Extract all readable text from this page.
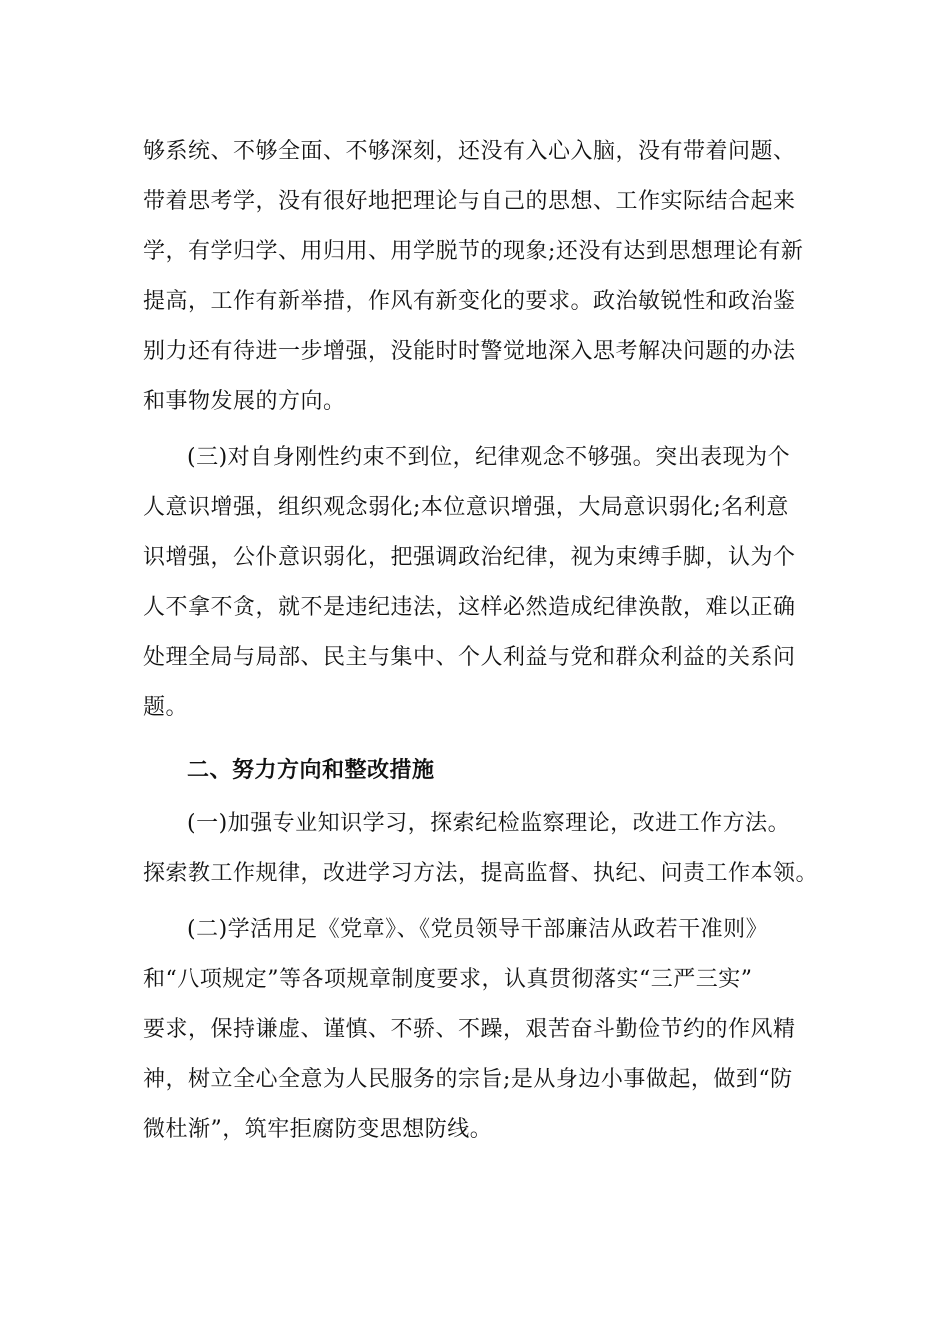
够系统、不够全面、不够深刻，还没有入心入脑，没有带着问题、
带着思考学，没有很好地把理论与自己的思想、工作实际结合起来
学，有学归学、用归用、用学脱节的现象;还没有达到思想理论有新
提高，工作有新举措，作风有新变化的要求。政治敏锐性和政治鉴
别力还有待进一步增强，没能时时警觉地深入思考解决问题的办法
和事物发展的方向。
(三)对自身刚性约束不到位，纪律观念不够强。突出表现为个
人意识增强，组织观念弱化;本位意识增强，大局意识弱化;名利意
识增强，公仆意识弱化，把强调政治纪律，视为束缚手脚，认为个
人不拿不贪，就不是违纪违法，这样必然造成纪律涣散，难以正确
处理全局与局部、民主与集中、个人利益与党和群众利益的关系问
题。
二、努力方向和整改措施
(一)加强专业知识学习，探索纪检监察理论，改进工作方法。
探索教工作规律，改进学习方法，提高监督、执纪、问责工作本领。
(二)学活用足《党章》、《党员领导干部廉洁从政若干准则》
和“八项规定”等各项规章制度要求，认真贯彻落实“三严三实”
要求，保持谦虚、谨慎、不骄、不躁，艰苦奋斗勤俭节约的作风精
神，树立全心全意为人民服务的宗旨;是从身边小事做起，做到“防
微杜渐”，筑牢拒腐防变思想防线。
